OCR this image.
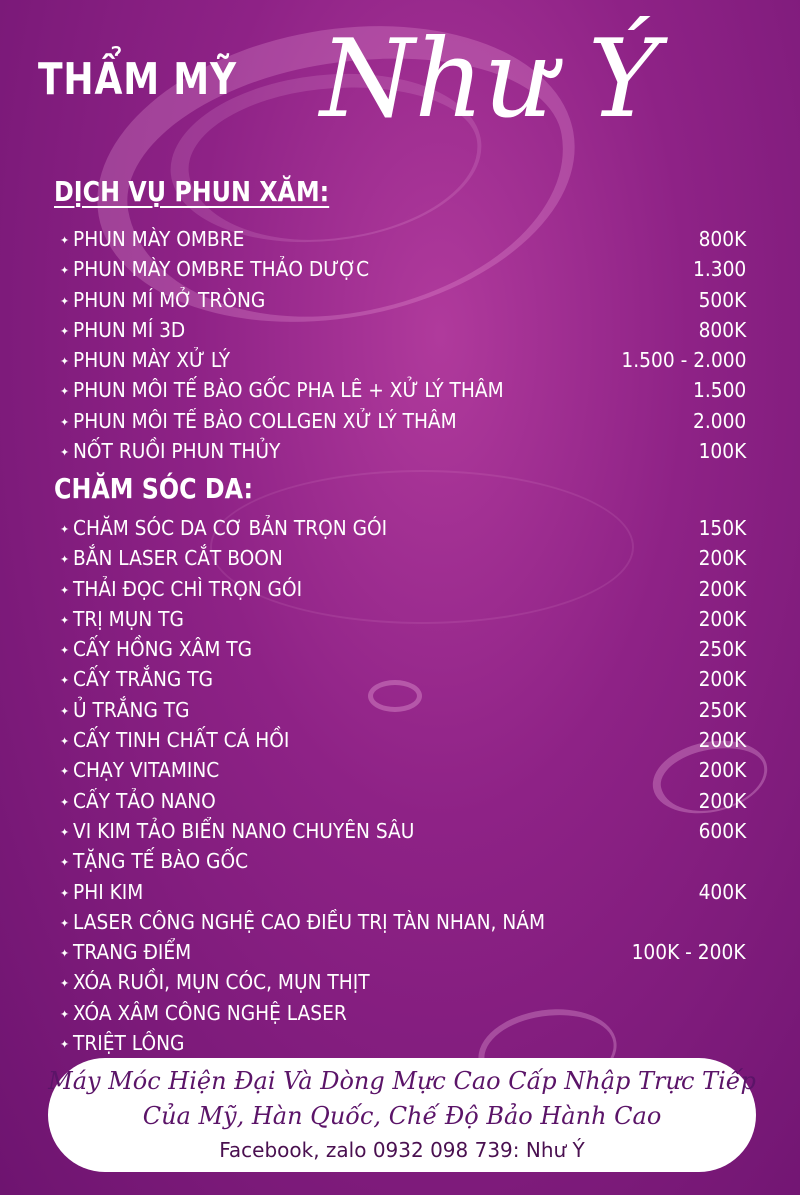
THẨM MỸ Như Ý
DỊCH VỤ PHUN XĂM:
✦ PHUN MÀY OMBRE	800K
✦ PHUN MÀY OMBRE THẢO DƯỢC	1.300
✦ PHUN MÍ MỞ TRÒNG	500K
✦ PHUN MÍ 3D	800K
✦ PHUN MÀY XỬ LÝ	1.500 - 2.000
✦ PHUN MÔI TẾ BÀO GỐC PHA LÊ + XỬ LÝ THÂM	1.500
✦ PHUN MÔI TẾ BÀO COLLGEN XỬ LÝ THÂM	2.000
✦ NỐT RUỒI PHUN THỦY	100K
CHĂM SÓC DA:
✦ CHĂM SÓC DA CƠ BẢN TRỌN GÓI	150K
✦ BẮN LASER CẮT BOON	200K
✦ THẢI ĐỌC CHÌ TRỌN GÓI	200K
✦ TRỊ MỤN TG	200K
✦ CẤY HỒNG XÂM TG	250K
✦ CẤY TRẮNG TG	200K
✦ Ủ TRẮNG TG	250K
✦ CẤY TINH CHẤT CÁ HỒI	200K
✦ CHẠY VITAMINC	200K
✦ CẤY TẢO NANO	200K
✦ VI KIM TẢO BIỂN NANO CHUYÊN SÂU	600K
✦ TẶNG TẾ BÀO GỐC
✦ PHI KIM	400K
✦ LASER CÔNG NGHỆ CAO ĐIỀU TRỊ TÀN NHAN, NÁM
✦ TRANG ĐIỂM	100K - 200K
✦ XÓA RUỒI, MỤN CÓC, MỤN THỊT
✦ XÓA XÂM CÔNG NGHỆ LASER
✦ TRIỆT LÔNG
Máy Móc Hiện Đại Và Dòng Mực Cao Cấp Nhập Trực Tiếp
Của Mỹ, Hàn Quốc, Chế Độ Bảo Hành Cao
Facebook, zalo 0932 098 739: Như Ý
